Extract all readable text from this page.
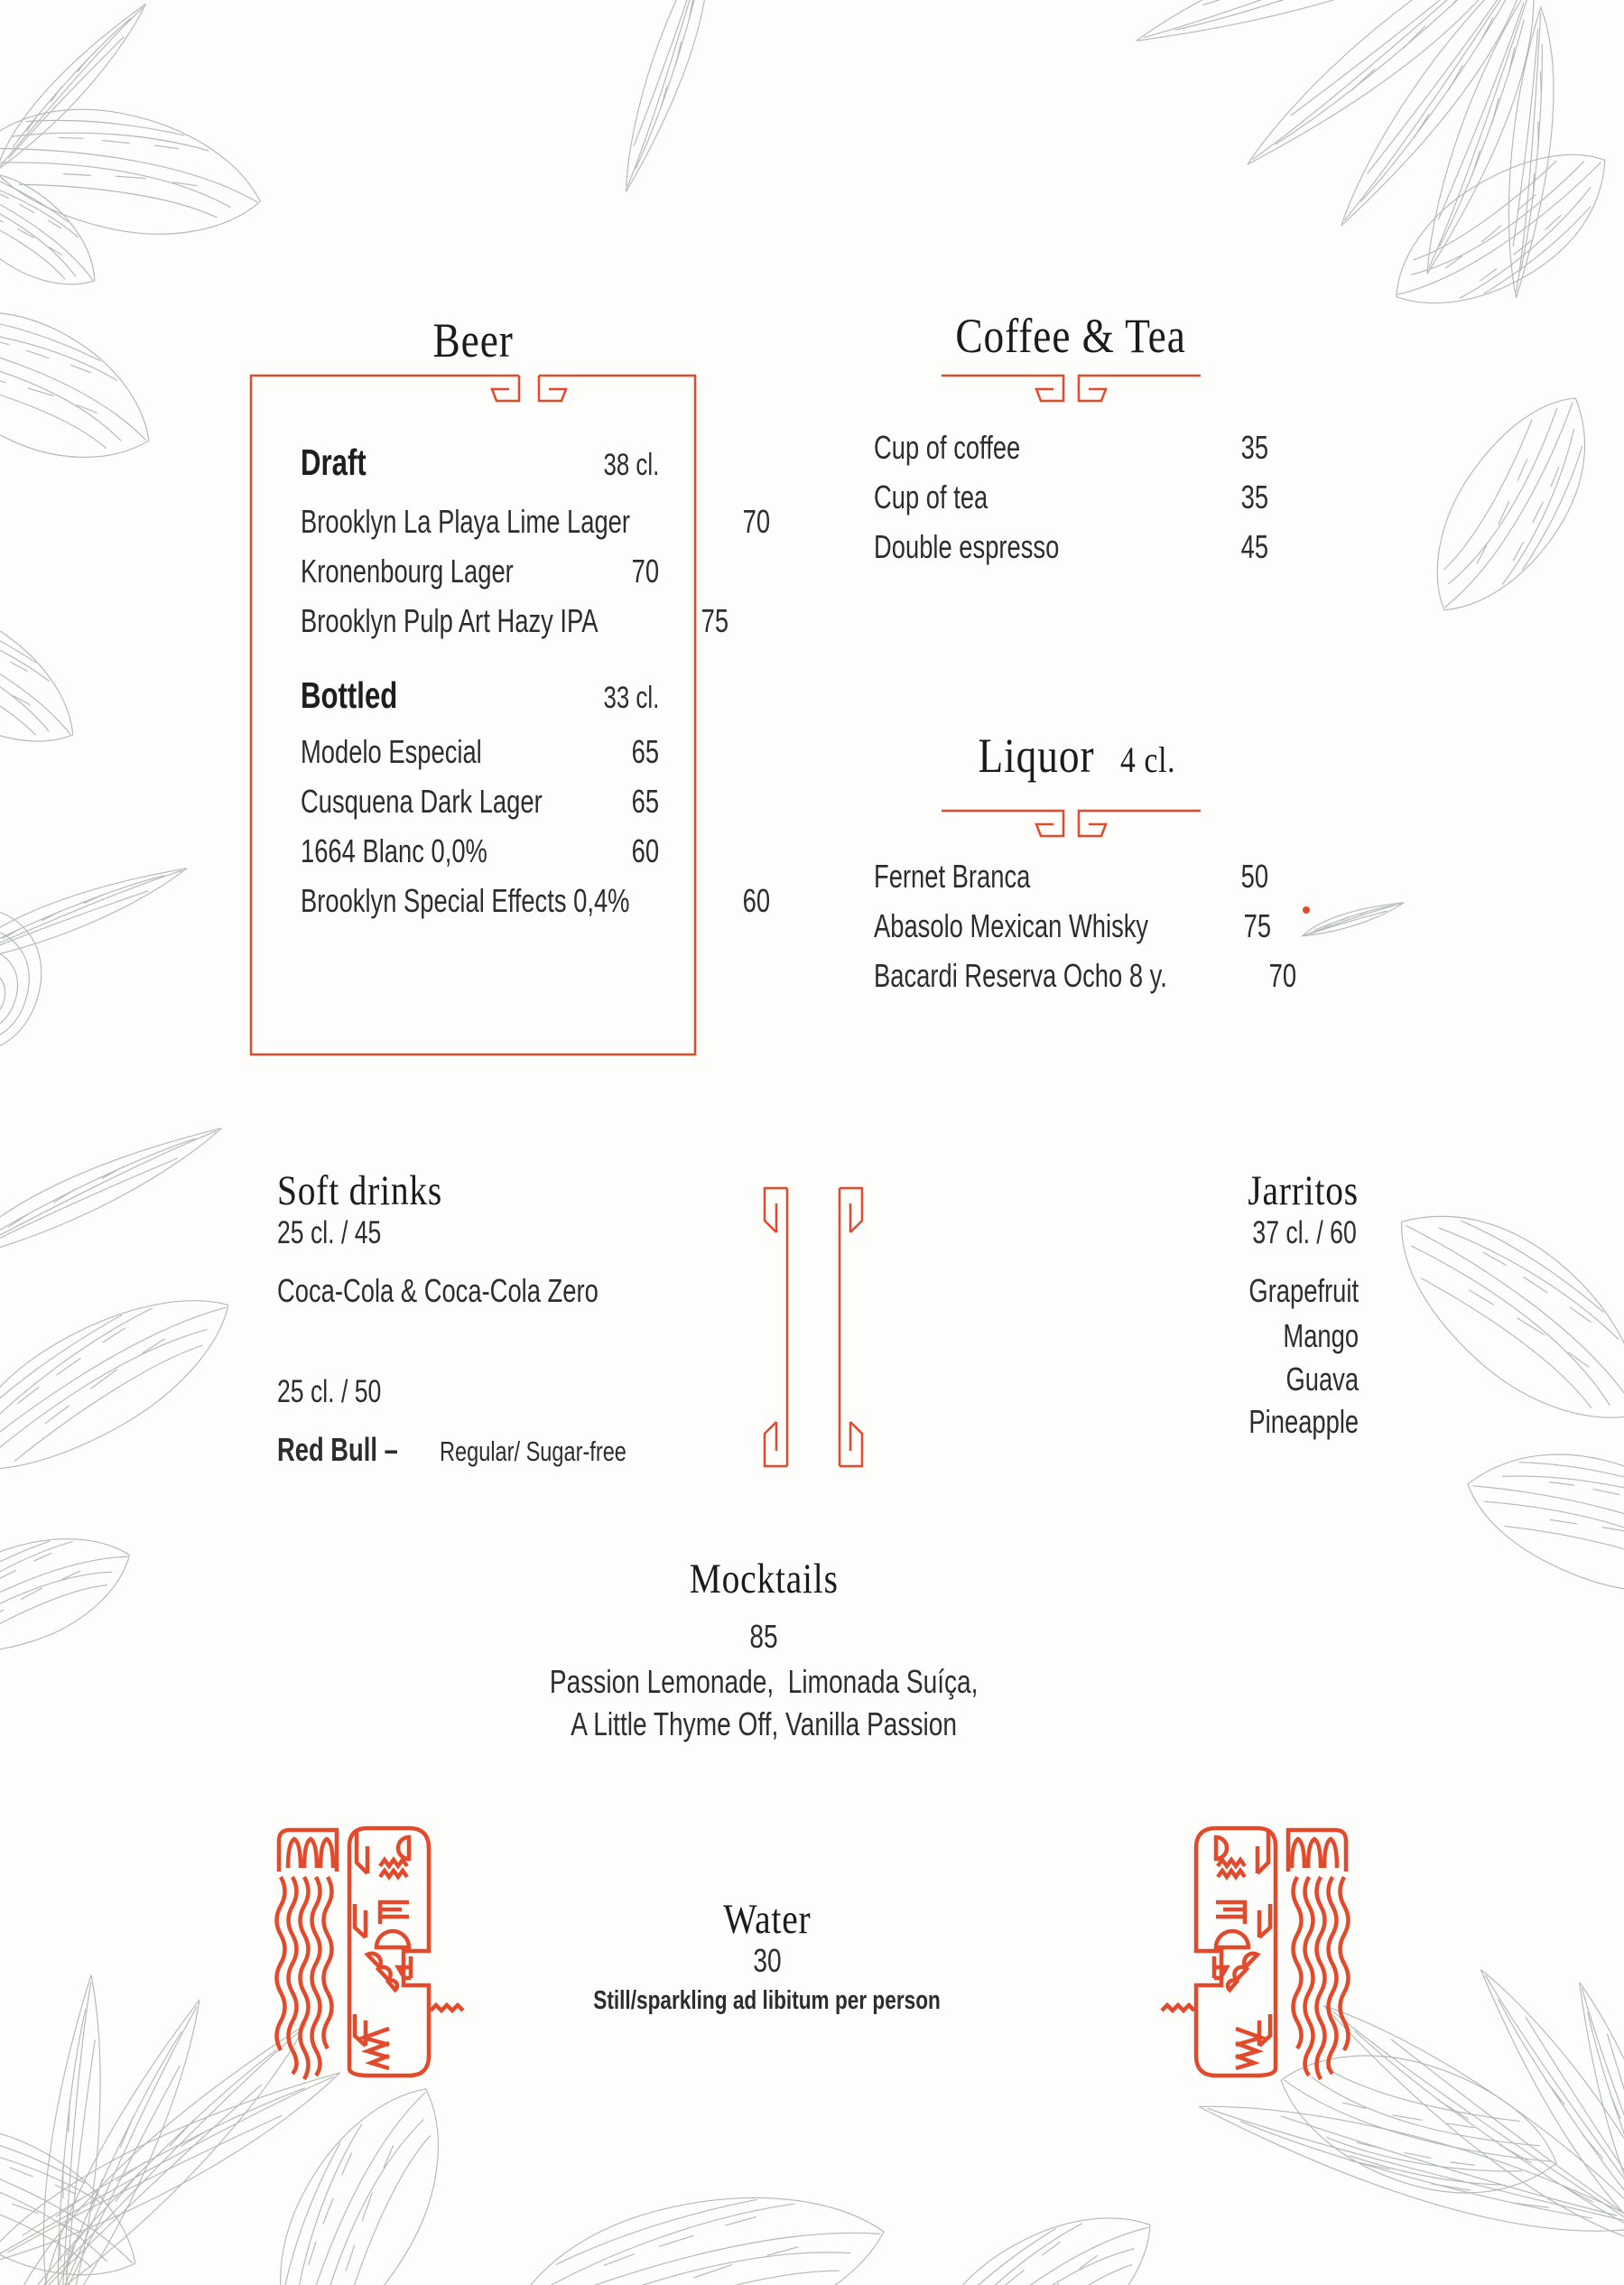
Beer
Draft	38 cl.
Brooklyn La Playa Lime Lager	70
Kronenbourg Lager	70
Brooklyn Pulp Art Hazy IPA	75
Bottled	33 cl.
Modelo Especial	65
Cusquena Dark Lager	65
1664 Blanc 0,0%	60
Brooklyn Special Effects 0,4%	60
Coffee & Tea
Cup of coffee	35
Cup of tea	35
Double espresso	45
Liquor 4 cl.
Fernet Branca	50
Abasolo Mexican Whisky	75
Bacardi Reserva Ocho 8 y.	70
Soft drinks
25 cl. / 45
Coca-Cola & Coca-Cola Zero
25 cl. / 50
Red Bull – Regular/ Sugar-free
Jarritos
37 cl. / 60
Grapefruit
Mango
Guava
Pineapple
Mocktails
85
Passion Lemonade,  Limonada Suíça,
A Little Thyme Off, Vanilla Passion
Water
30
Still/sparkling ad libitum per person
